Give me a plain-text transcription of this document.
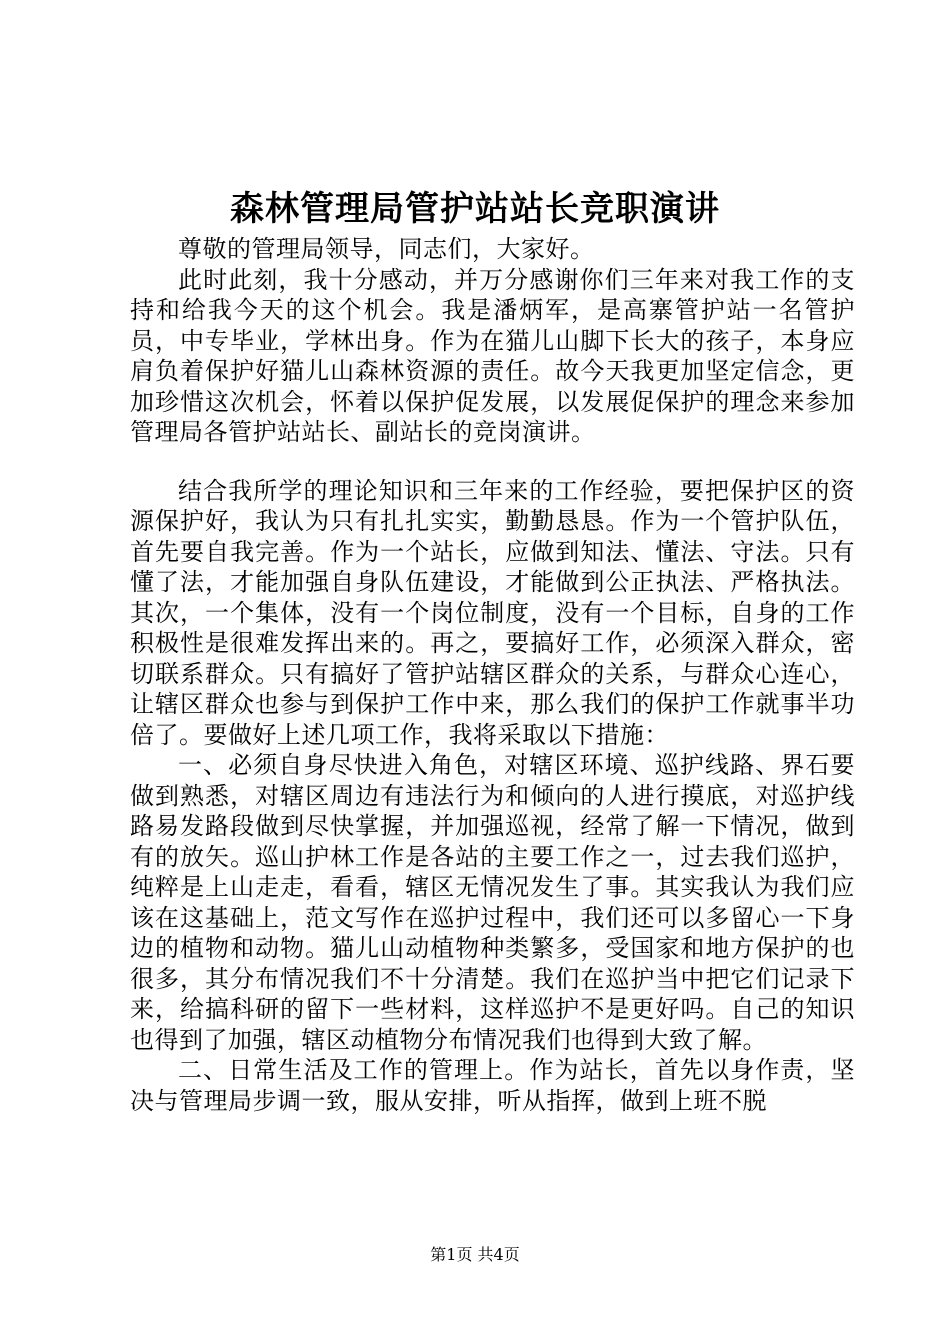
森林管理局管护站站长竞职演讲

尊敬的管理局领导，同志们，大家好。

此时此刻，我十分感动，并万分感谢你们三年来对我工作的支持和给我今天的这个机会。我是潘炳军，是高寨管护站一名管护员，中专毕业，学林出身。作为在猫儿山脚下长大的孩子，本身应肩负着保护好猫儿山森林资源的责任。故今天我更加坚定信念，更加珍惜这次机会，怀着以保护促发展，以发展促保护的理念来参加管理局各管护站站长、副站长的竞岗演讲。

结合我所学的理论知识和三年来的工作经验，要把保护区的资源保护好，我认为只有扎扎实实，勤勤恳恳。作为一个管护队伍，首先要自我完善。作为一个站长，应做到知法、懂法、守法。只有懂了法，才能加强自身队伍建设，才能做到公正执法、严格执法。其次，一个集体，没有一个岗位制度，没有一个目标，自身的工作积极性是很难发挥出来的。再之，要搞好工作，必须深入群众，密切联系群众。只有搞好了管护站辖区群众的关系，与群众心连心，让辖区群众也参与到保护工作中来，那么我们的保护工作就事半功倍了。要做好上述几项工作，我将采取以下措施：

一、必须自身尽快进入角色，对辖区环境、巡护线路、界石要做到熟悉，对辖区周边有违法行为和倾向的人进行摸底，对巡护线路易发路段做到尽快掌握，并加强巡视，经常了解一下情况，做到有的放矢。巡山护林工作是各站的主要工作之一，过去我们巡护，纯粹是上山走走，看看，辖区无情况发生了事。其实我认为我们应该在这基础上，范文写作在巡护过程中，我们还可以多留心一下身边的植物和动物。猫儿山动植物种类繁多，受国家和地方保护的也很多，其分布情况我们不十分清楚。我们在巡护当中把它们记录下来，给搞科研的留下一些材料，这样巡护不是更好吗。自己的知识也得到了加强，辖区动植物分布情况我们也得到大致了解。

二、日常生活及工作的管理上。作为站长，首先以身作责，坚决与管理局步调一致，服从安排，听从指挥，做到上班不脱

第1页 共4页
